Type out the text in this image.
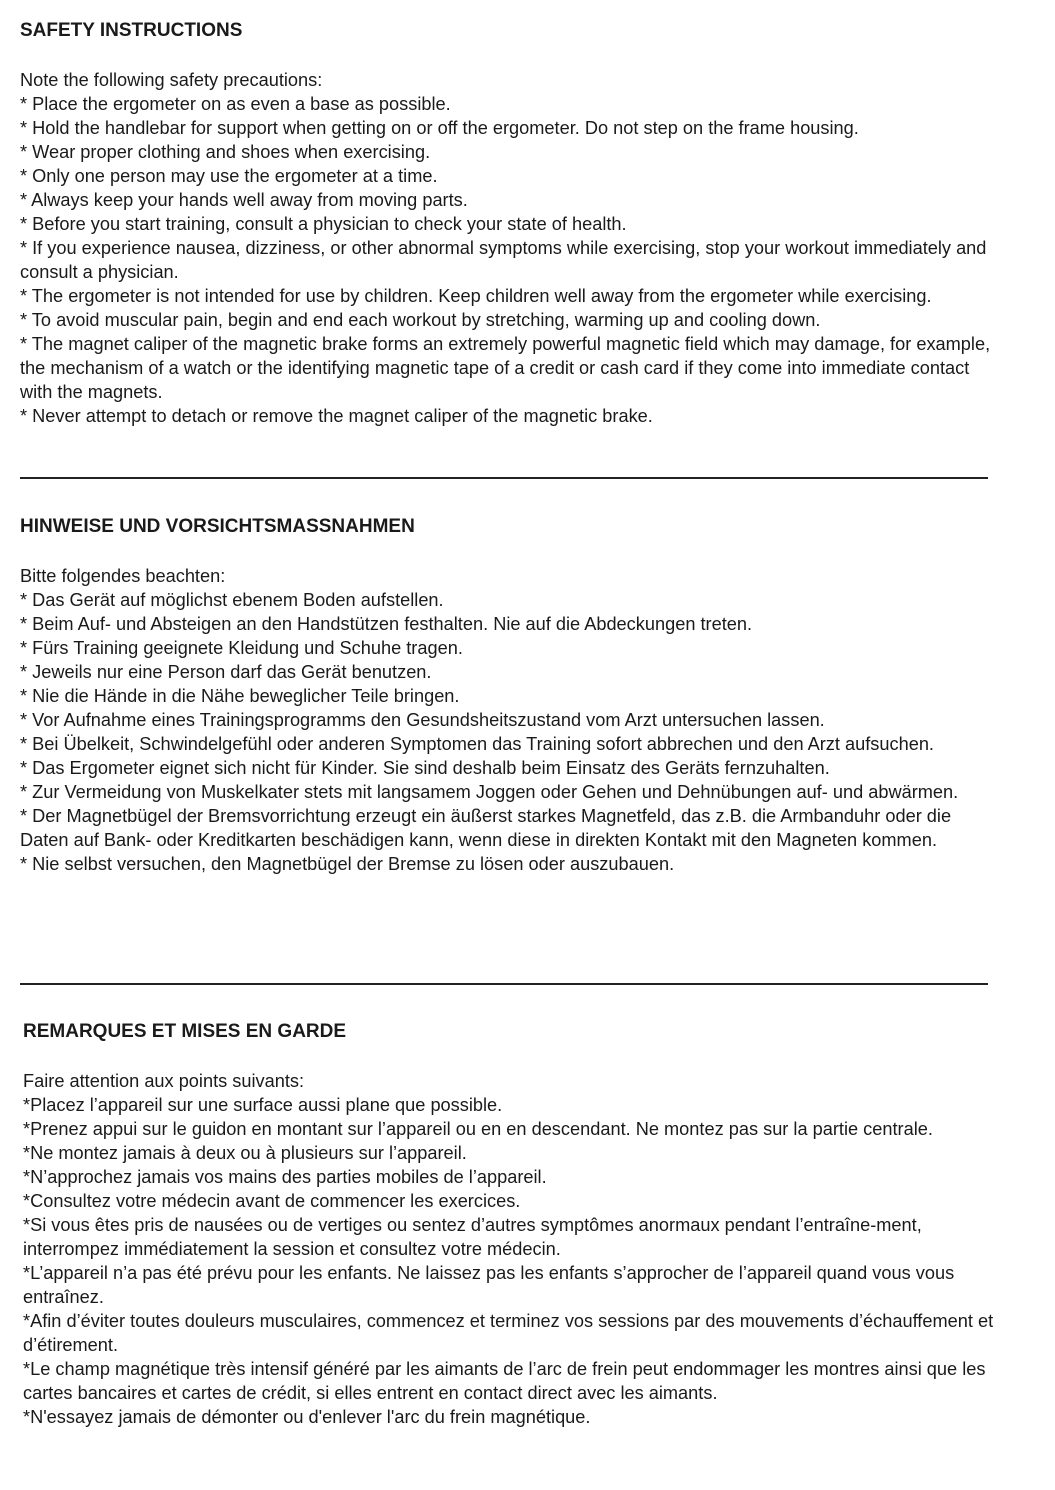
SAFETY INSTRUCTIONS

Note the following safety precautions:

* Place the ergometer on as even a base as possible.
* Hold the handlebar for support when getting on or off the ergometer. Do not step on the frame housing.
* Wear proper clothing and shoes when exercising.
* Only one person may use the ergometer at a time.
* Always keep your hands well away from moving parts.
* Before you start training, consult a physician to check your state of health.
* If you experience nausea, dizziness, or other abnormal symptoms while exercising, stop your workout immediately and consult a physician.
* The ergometer is not intended for use by children. Keep children well away from the ergometer while exercising.
* To avoid muscular pain, begin and end each workout by stretching, warming up and cooling down.
* The magnet caliper of the magnetic brake forms an extremely powerful magnetic field which may damage, for example, the mechanism of a watch or the identifying magnetic tape of a credit or cash card if they come into immediate contact with the magnets.
* Never attempt to detach or remove the magnet caliper of the magnetic brake.
HINWEISE UND VORSICHTSMASSNAHMEN

Bitte folgendes beachten:

* Das Gerät auf möglichst ebenem Boden aufstellen.
* Beim Auf- und Absteigen an den Handstützen festhalten. Nie auf die Abdeckungen treten.
* Fürs Training geeignete Kleidung und Schuhe tragen.
* Jeweils nur eine Person darf das Gerät benutzen.
* Nie die Hände in die Nähe beweglicher Teile bringen.
* Vor Aufnahme eines Trainingsprogramms den Gesundsheitszustand vom Arzt untersuchen lassen.
* Bei Übelkeit, Schwindelgefühl oder anderen Symptomen das Training sofort abbrechen und den Arzt aufsuchen.
* Das Ergometer eignet sich nicht für Kinder. Sie sind deshalb beim Einsatz des Geräts fernzuhalten.
* Zur Vermeidung von Muskelkater stets mit langsamem Joggen oder Gehen und Dehnübungen auf- und abwärmen.
* Der Magnetbügel der Bremsvorrichtung erzeugt ein äußerst starkes Magnetfeld, das z.B. die Armbanduhr oder die Daten auf Bank- oder Kreditkarten beschädigen kann, wenn diese in direkten Kontakt mit den Magneten kommen.
* Nie selbst versuchen, den Magnetbügel der Bremse zu lösen oder auszubauen.
REMARQUES ET MISES EN GARDE

Faire attention aux points suivants:

*Placez l’appareil sur une surface aussi plane que possible.
*Prenez appui sur le guidon en montant sur l’appareil ou en en descendant. Ne montez pas sur la partie centrale.
*Ne montez jamais à deux ou à plusieurs sur l’appareil.
*N’approchez jamais vos mains des parties mobiles de l’appareil.
*Consultez votre médecin avant de commencer les exercices.
*Si vous êtes pris de nausées ou de vertiges ou sentez d’autres symptômes anormaux pendant l’entraîne-ment, interrompez immédiatement la session et consultez votre médecin.
*L’appareil n’a pas été prévu pour les enfants. Ne laissez pas les enfants s’approcher de l’appareil quand vous vous entraînez.
*Afin d’éviter toutes douleurs musculaires, commencez et terminez vos sessions par des mouvements d’échauffement et d’étirement.
*Le champ magnétique très intensif généré par les aimants de l’arc de frein peut endommager les montres ainsi que les cartes bancaires et cartes de crédit, si elles entrent en contact direct avec les aimants.
*N'essayez jamais de démonter ou d'enlever l'arc du frein magnétique.
